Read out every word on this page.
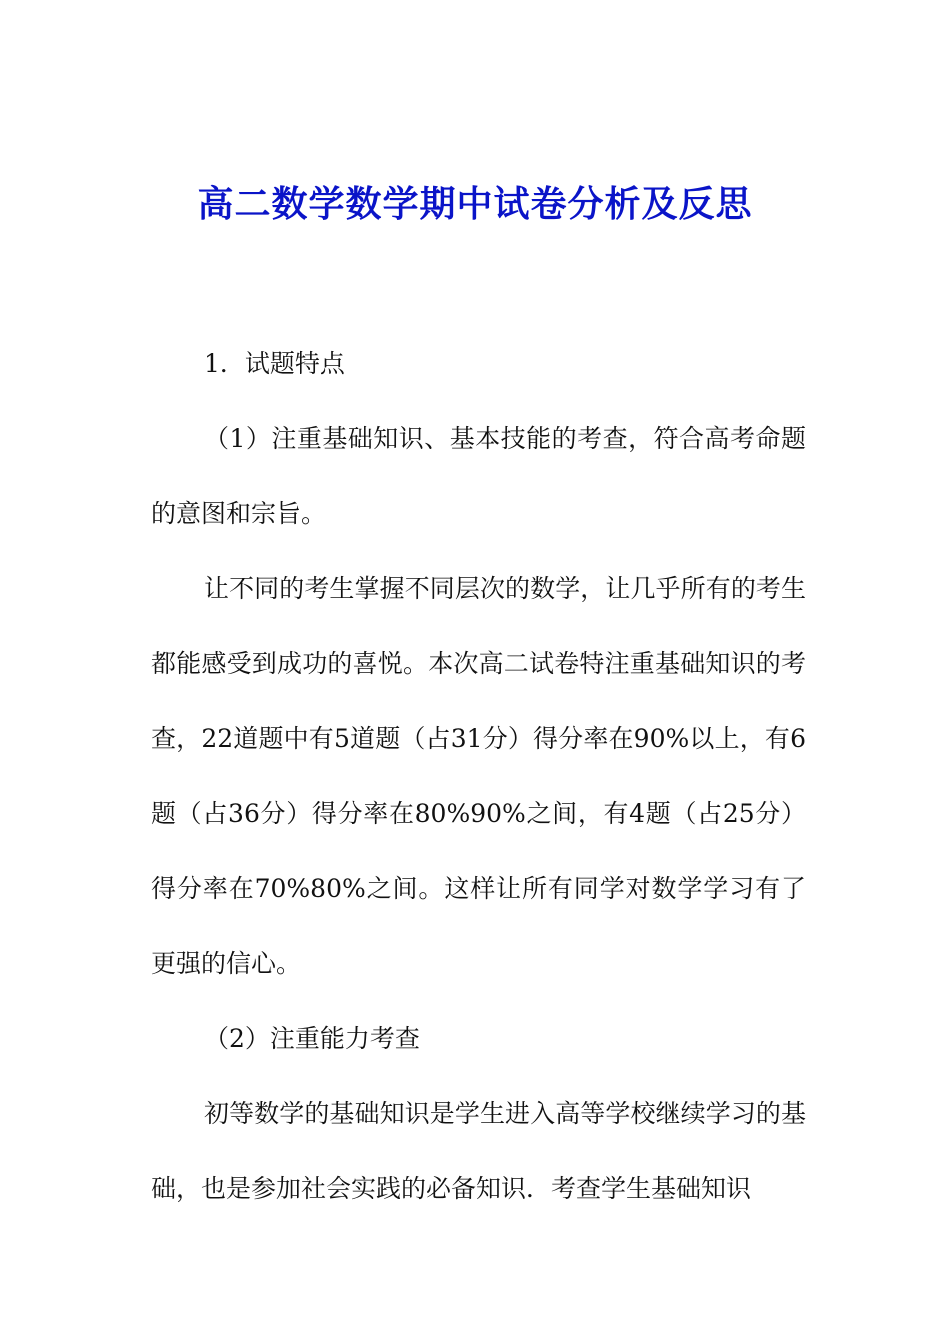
高二数学数学期中试卷分析及反思

1．试题特点

（1）注重基础知识、基本技能的考查，符合高考命题的意图和宗旨。

让不同的考生掌握不同层次的数学，让几乎所有的考生都能感受到成功的喜悦。本次高二试卷特注重基础知识的考查，22道题中有5道题（占31分）得分率在90%以上，有6题（占36分）得分率在80%90%之间，有4题（占25分）得分率在70%80%之间。这样让所有同学对数学学习有了更强的信心。

（2）注重能力考查

初等数学的基础知识是学生进入高等学校继续学习的基础，也是参加社会实践的必备知识．考查学生基础知识
